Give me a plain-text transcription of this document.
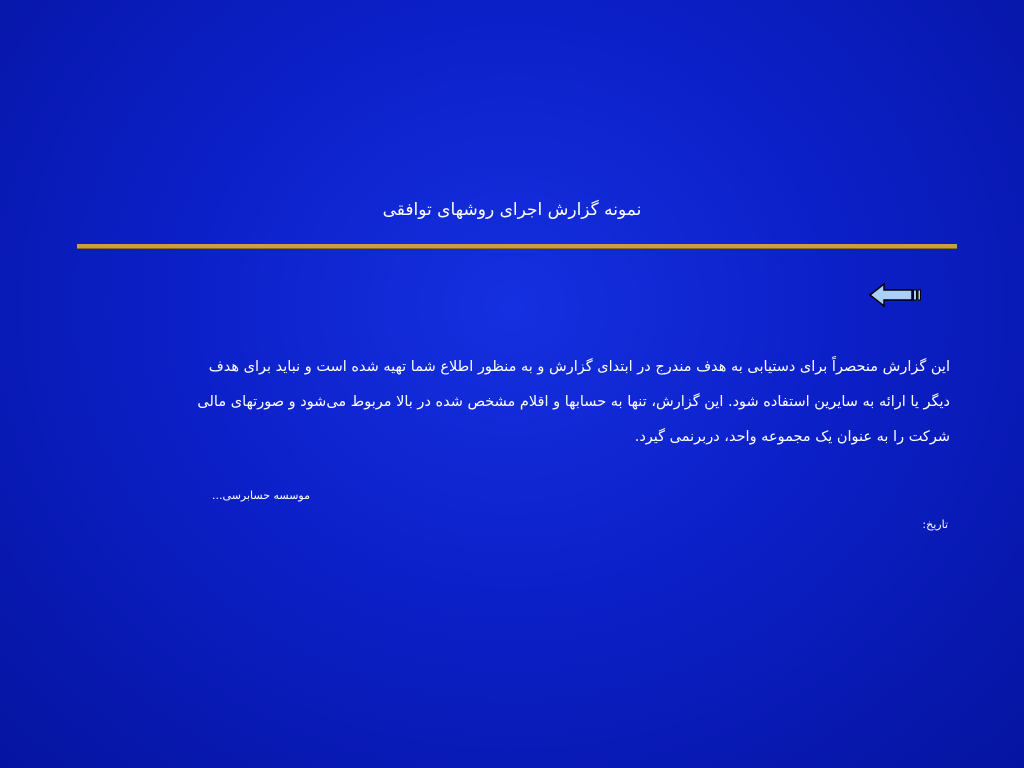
نمونه گزارش اجرای روشهای توافقی
این گزارش منحصراً برای دستیابی به هدف مندرج در ابتدای گزارش و به منظور اطلاع شما تهیه شده است و نباید برای هدف
دیگر یا ارائه به سایرین استفاده شود. این گزارش، تنها به حسابها و اقلام مشخص شده در بالا مربوط می‌شود و صورتهای مالی
شرکت را به عنوان یک مجموعه واحد، دربرنمی گیرد.
موسسه حسابرسی...
تاریخ:
